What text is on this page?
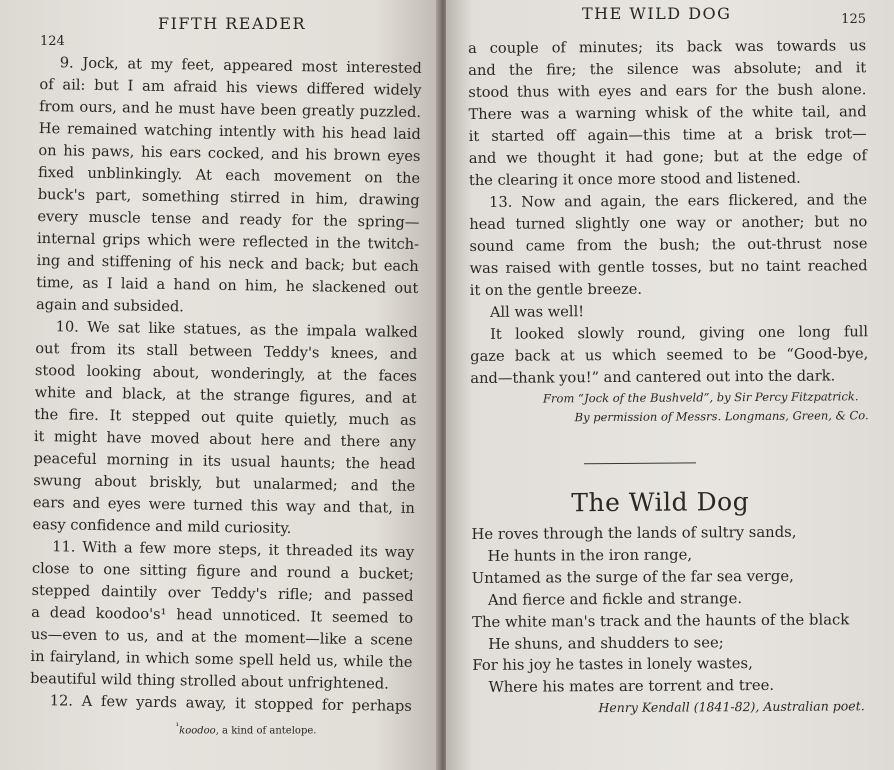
124
FIFTH READER
9. Jock, at my feet, appeared most interested
of ail: but I am afraid his views differed widely
from ours, and he must have been greatly puzzled.
He remained watching intently with his head laid
on his paws, his ears cocked, and his brown eyes
fixed unblinkingly. At each movement on the
buck's part, something stirred in him, drawing
every muscle tense and ready for the spring—
internal grips which were reflected in the twitch-
ing and stiffening of his neck and back; but each
time, as I laid a hand on him, he slackened out
again and subsided.
10. We sat like statues, as the impala walked
out from its stall between Teddy's knees, and
stood looking about, wonderingly, at the faces
white and black, at the strange figures, and at
the fire. It stepped out quite quietly, much as
it might have moved about here and there any
peaceful morning in its usual haunts; the head
swung about briskly, but unalarmed; and the
ears and eyes were turned this way and that, in
easy confidence and mild curiosity.
11. With a few more steps, it threaded its way
close to one sitting figure and round a bucket;
stepped daintily over Teddy's rifle; and passed
a dead koodoo's¹ head unnoticed. It seemed to
us—even to us, and at the moment—like a scene
in fairyland, in which some spell held us, while the
beautiful wild thing strolled about unfrightened.
12. A few yards away, it stopped for perhaps
$^{^1}$koodoo, a kind of antelope.
THE WILD DOG	125
a couple of minutes; its back was towards us
and the fire; the silence was absolute; and it
stood thus with eyes and ears for the bush alone.
There was a warning whisk of the white tail, and
it started off again—this time at a brisk trot—
and we thought it had gone; but at the edge of
the clearing it once more stood and listened.
13. Now and again, the ears flickered, and the
head turned slightly one way or another; but no
sound came from the bush; the out-thrust nose
was raised with gentle tosses, but no taint reached
it on the gentle breeze.
All was well!
It looked slowly round, giving one long full
gaze back at us which seemed to be “Good-bye,
and—thank you!” and cantered out into the dark.
From “Jock of the Bushveld”, by Sir Percy Fitzpatrick.
By permission of Messrs. Longmans, Green, & Co.
The Wild Dog
He roves through the lands of sultry sands,
He hunts in the iron range,
Untamed as the surge of the far sea verge,
And fierce and fickle and strange.
The white man's track and the haunts of the black
He shuns, and shudders to see;
For his joy he tastes in lonely wastes,
Where his mates are torrent and tree.
Henry Kendall (1841-82), Australian poet.
